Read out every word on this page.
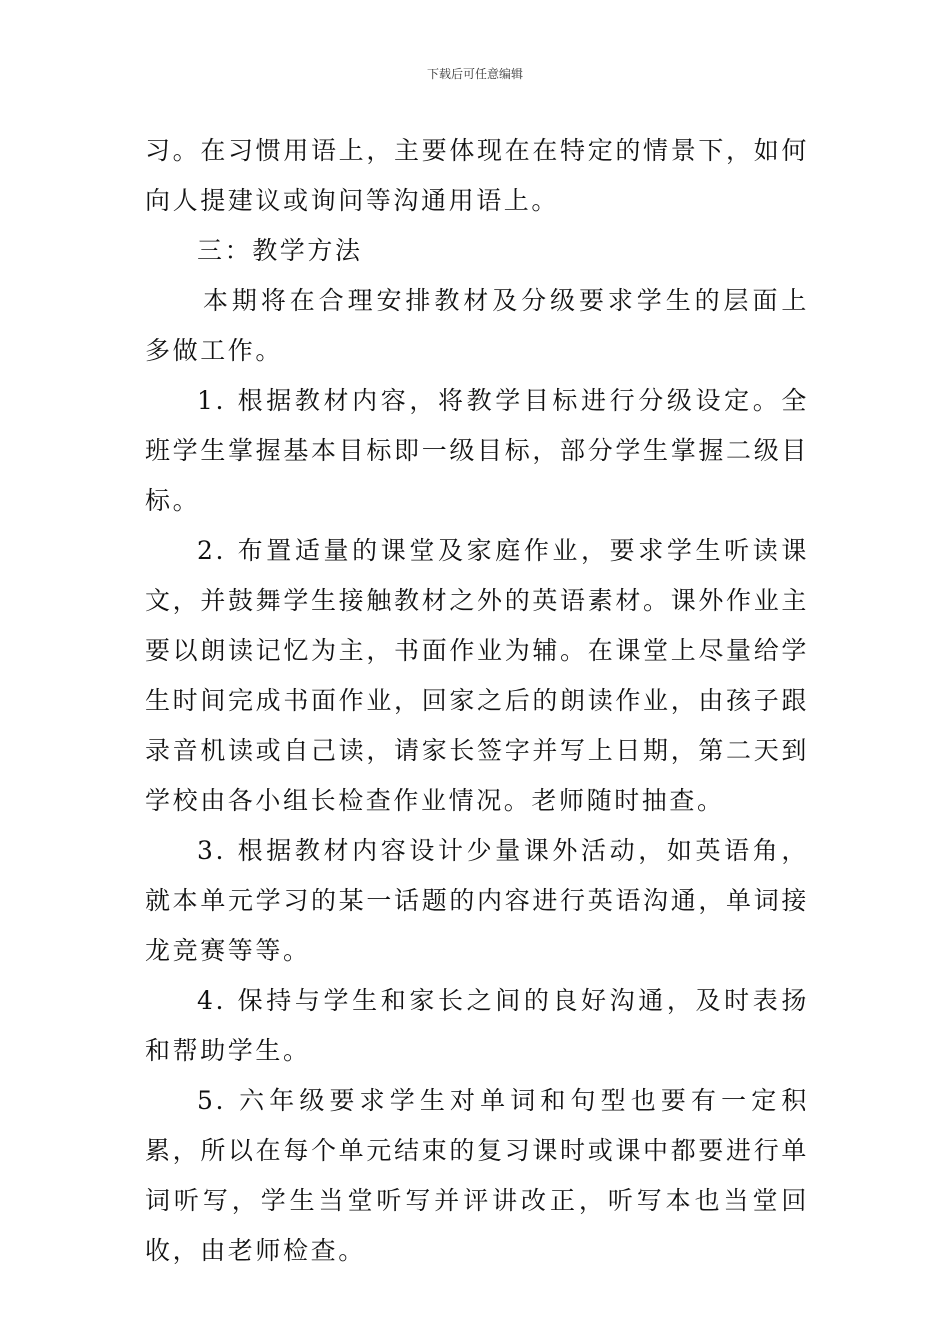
下载后可任意编辑

习。在习惯用语上，主要体现在在特定的情景下，如何向人提建议或询问等沟通用语上。

三：教学方法

本期将在合理安排教材及分级要求学生的层面上多做工作。

1. 根据教材内容，将教学目标进行分级设定。全班学生掌握基本目标即一级目标，部分学生掌握二级目标。

2. 布置适量的课堂及家庭作业，要求学生听读课文，并鼓舞学生接触教材之外的英语素材。课外作业主要以朗读记忆为主，书面作业为辅。在课堂上尽量给学生时间完成书面作业，回家之后的朗读作业，由孩子跟录音机读或自己读，请家长签字并写上日期，第二天到学校由各小组长检查作业情况。老师随时抽查。

3. 根据教材内容设计少量课外活动，如英语角，就本单元学习的某一话题的内容进行英语沟通，单词接龙竞赛等等。

4. 保持与学生和家长之间的良好沟通，及时表扬和帮助学生。

5. 六年级要求学生对单词和句型也要有一定积累，所以在每个单元结束的复习课时或课中都要进行单词听写，学生当堂听写并评讲改正，听写本也当堂回收，由老师检查。
